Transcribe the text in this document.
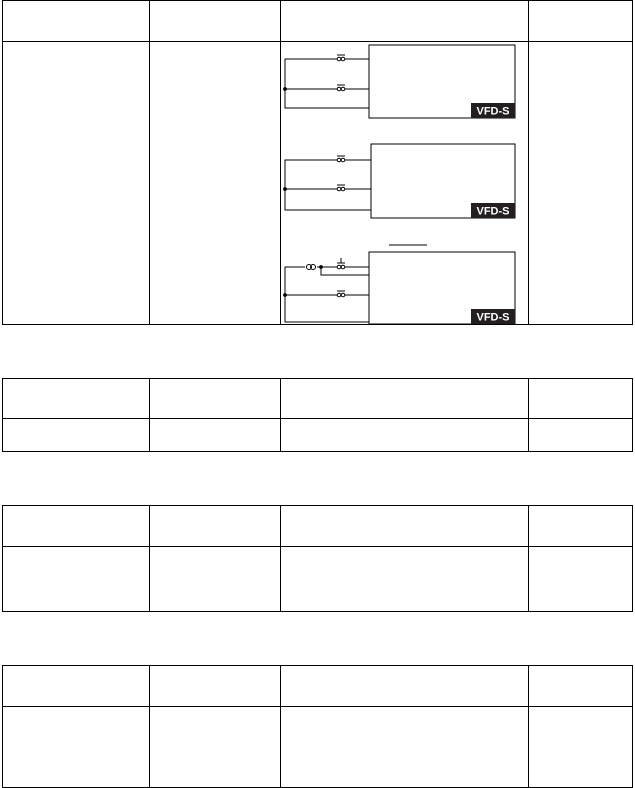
VFD-S
VFD-S
VFD-S	
